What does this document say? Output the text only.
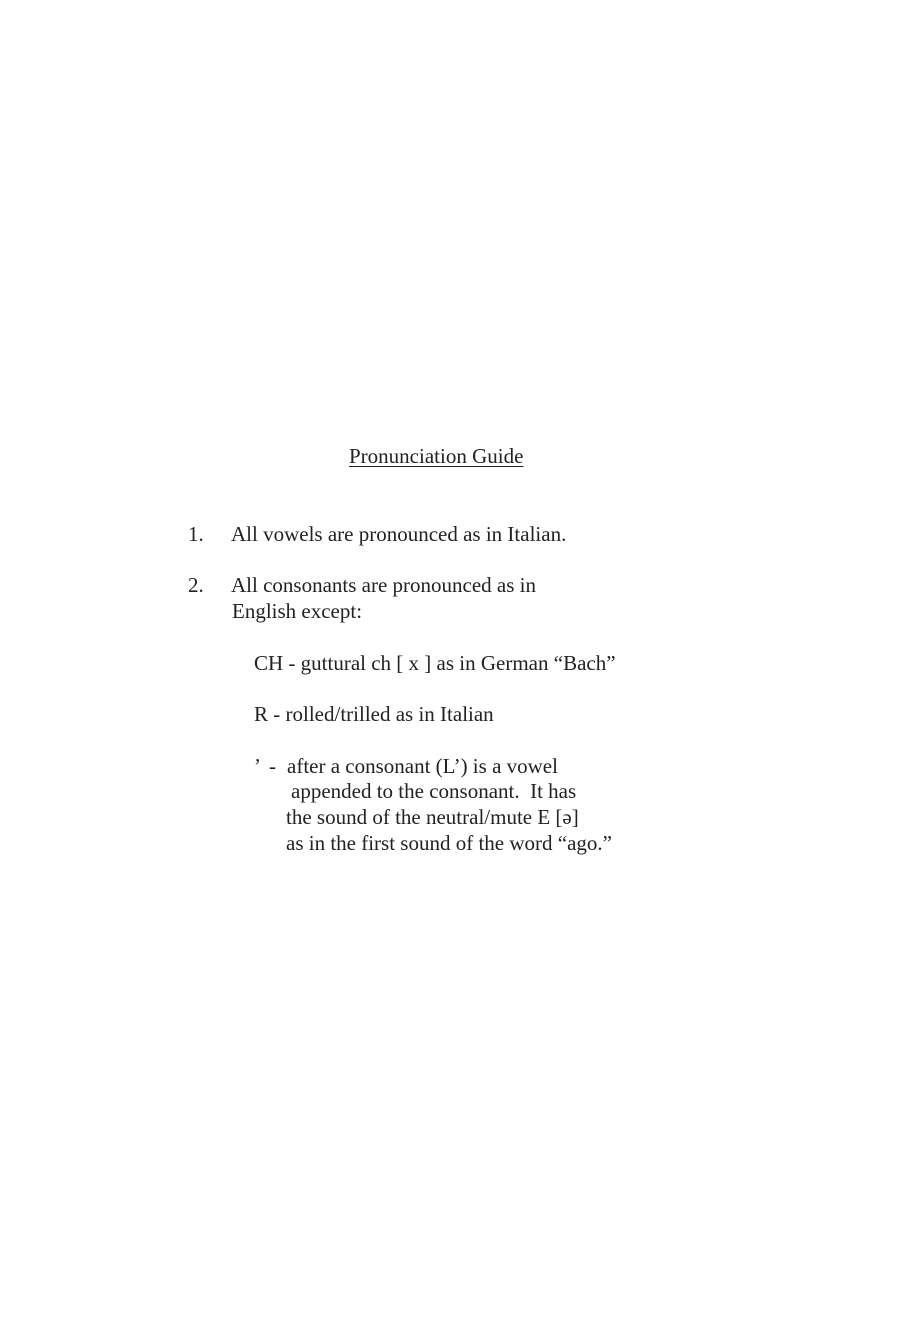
Pronunciation Guide
1. All vowels are pronounced as in Italian.
2. All consonants are pronounced as in
English except:
CH - guttural ch [ x ] as in German “Bach”
R - rolled/trilled as in Italian
’ - after a consonant (L’) is a vowel
appended to the consonant.  It has
the sound of the neutral/mute E [ə]
as in the first sound of the word “ago.”
